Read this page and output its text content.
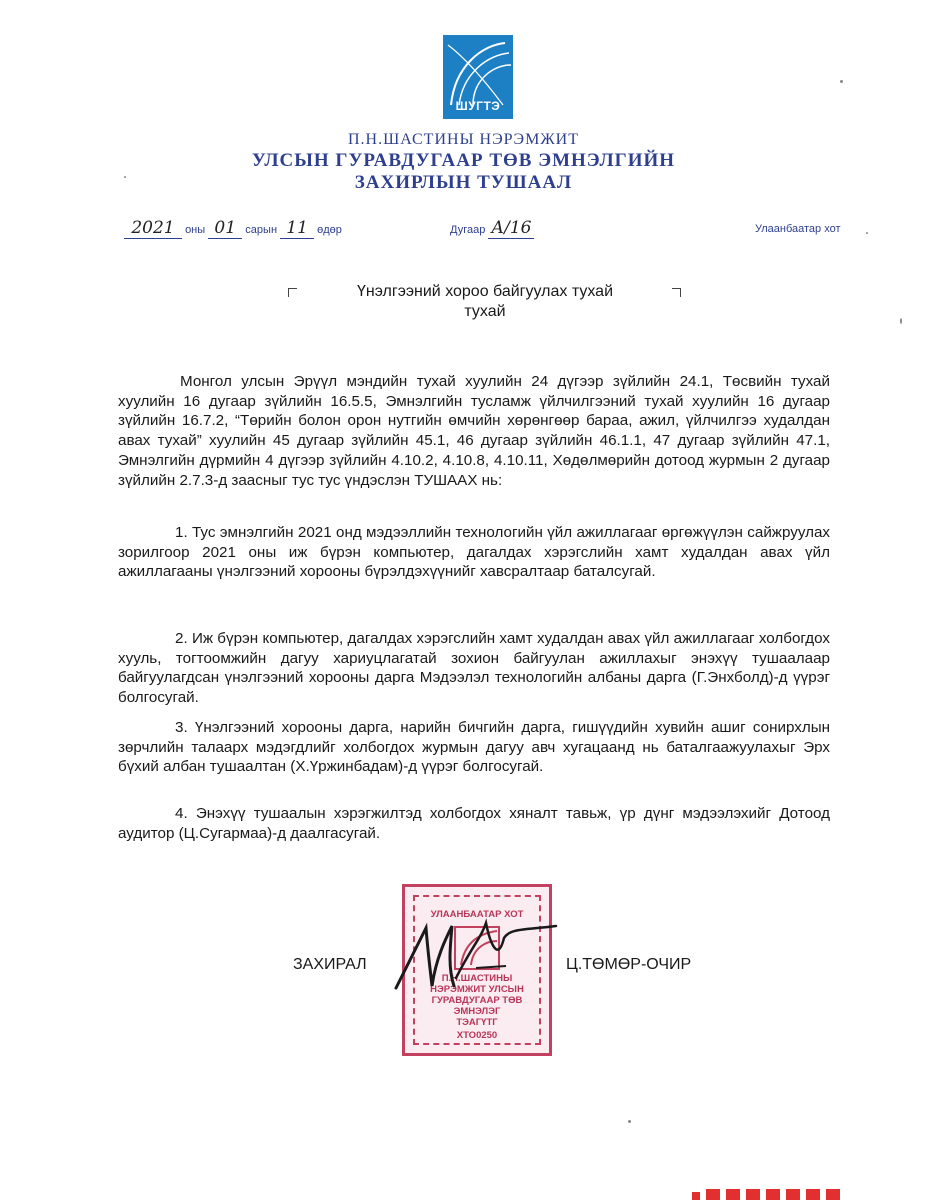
ШУГТЭ
П.Н.ШАСТИНЫ НЭРЭМЖИТ
УЛСЫН ГУРАВДУГААР ТӨВ ЭМНЭЛГИЙН
ЗАХИРЛЫН ТУШААЛ
2021 оны 01 сарын 11 өдөр	Дугаар А/16	Улаанбаатар хот
Үнэлгээний хороо байгуулах тухай
тухай
Монгол улсын Эрүүл мэндийн тухай хуулийн 24 дүгээр зүйлийн 24.1, Төсвийн тухай хуулийн 16 дугаар зүйлийн 16.5.5, Эмнэлгийн тусламж үйлчилгээний тухай хуулийн 16 дугаар зүйлийн 16.7.2, “Төрийн болон орон нутгийн өмчийн хөрөнгөөр бараа, ажил, үйлчилгээ худалдан авах тухай” хуулийн 45 дугаар зүйлийн 45.1, 46 дугаар зүйлийн 46.1.1, 47 дугаар зүйлийн 47.1, Эмнэлгийн дүрмийн 4 дүгээр зүйлийн 4.10.2, 4.10.8, 4.10.11, Хөдөлмөрийн дотоод журмын 2 дугаар зүйлийн 2.7.3-д заасныг тус тус үндэслэн ТУШААХ нь:
1. Тус эмнэлгийн 2021 онд мэдээллийн технологийн үйл ажиллагааг өргөжүүлэн сайжруулах зорилгоор 2021 оны иж бүрэн компьютер, дагалдах хэрэгслийн хамт худалдан авах үйл ажиллагааны үнэлгээний хорооны бүрэлдэхүүнийг хавсралтаар баталсугай.
2. Иж бүрэн компьютер, дагалдах хэрэгслийн хамт худалдан авах үйл ажиллагааг холбогдох хууль, тогтоомжийн дагуу хариуцлагатай зохион байгуулан ажиллахыг энэхүү тушаалаар байгуулагдсан үнэлгээний хорооны дарга Мэдээлэл технологийн албаны дарга (Г.Энхболд)-д үүрэг болгосугай.
3. Үнэлгээний хорооны дарга, нарийн бичгийн дарга, гишүүдийн хувийн ашиг сонирхлын зөрчлийн талаарх мэдэгдлийг холбогдох журмын дагуу авч хугацаанд нь баталгаажуулахыг Эрх бүхий албан тушаалтан (Х.Үржинбадам)-д үүрэг болгосугай.
4. Энэхүү тушаалын хэрэгжилтэд холбогдох хяналт тавьж, үр дүнг мэдээлэхийг Дотоод аудитор (Ц.Сугармаа)-д даалгасугай.
УЛААНБААТАР ХОТ
П.Н.ШАСТИНЫ
НЭРЭМЖИТ УЛСЫН
ГУРАВДУГААР ТӨВ
ЭМНЭЛЭГ
ТЭАГҮТГ
ХТО0250
ЗАХИРАЛ	Ц.ТӨМӨР-ОЧИР
